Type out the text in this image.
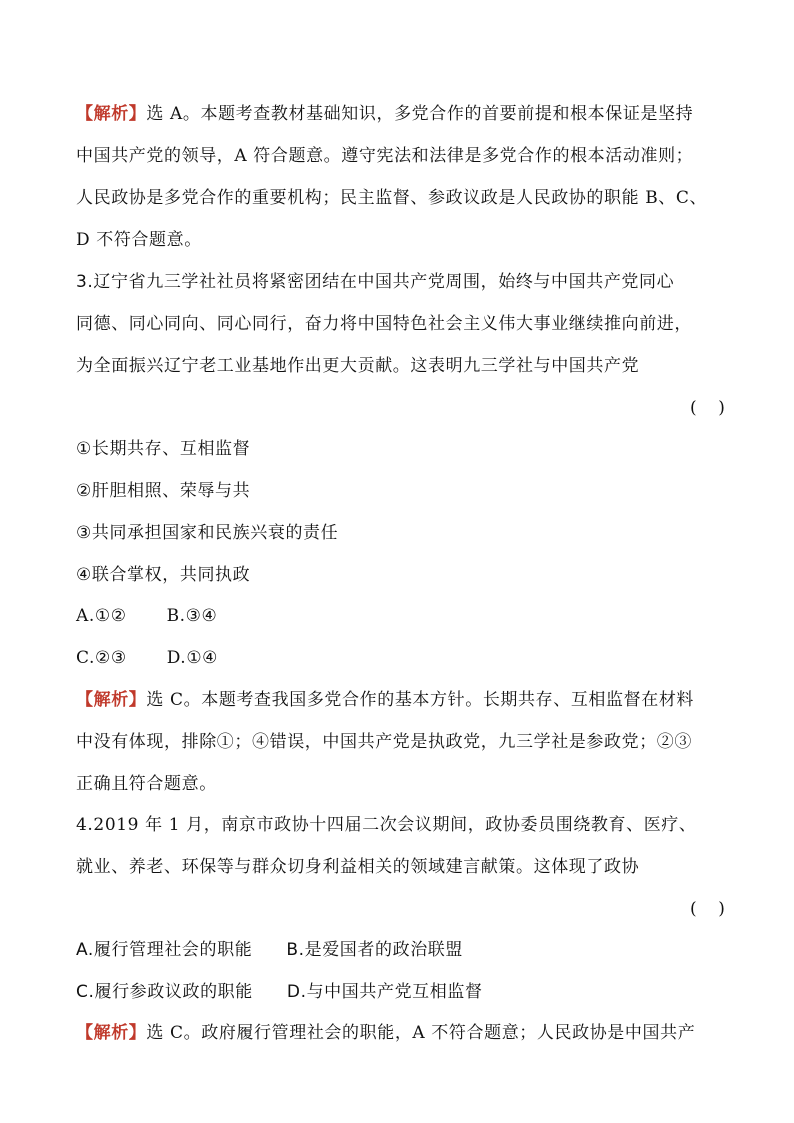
【解析】选 A。本题考查教材基础知识，多党合作的首要前提和根本保证是坚持
中国共产党的领导，A 符合题意。遵守宪法和法律是多党合作的根本活动准则；
人民政协是多党合作的重要机构；民主监督、参政议政是人民政协的职能 B、C、
D 不符合题意。
3.辽宁省九三学社社员将紧密团结在中国共产党周围，始终与中国共产党同心
同德、同心同向、同心同行，奋力将中国特色社会主义伟大事业继续推向前进，
为全面振兴辽宁老工业基地作出更大贡献。这表明九三学社与中国共产党
(    )
①长期共存、互相监督
②肝胆相照、荣辱与共
③共同承担国家和民族兴衰的责任
④联合掌权，共同执政
A.①② B.③④
C.②③ D.①④
【解析】选 C。本题考查我国多党合作的基本方针。长期共存、互相监督在材料
中没有体现，排除①；④错误，中国共产党是执政党，九三学社是参政党；②③
正确且符合题意。
4.2019 年 1 月，南京市政协十四届二次会议期间，政协委员围绕教育、医疗、
就业、养老、环保等与群众切身利益相关的领域建言献策。这体现了政协
(    )
A.履行管理社会的职能 B.是爱国者的政治联盟
C.履行参政议政的职能 D.与中国共产党互相监督
【解析】选 C。政府履行管理社会的职能，A 不符合题意；人民政协是中国共产
